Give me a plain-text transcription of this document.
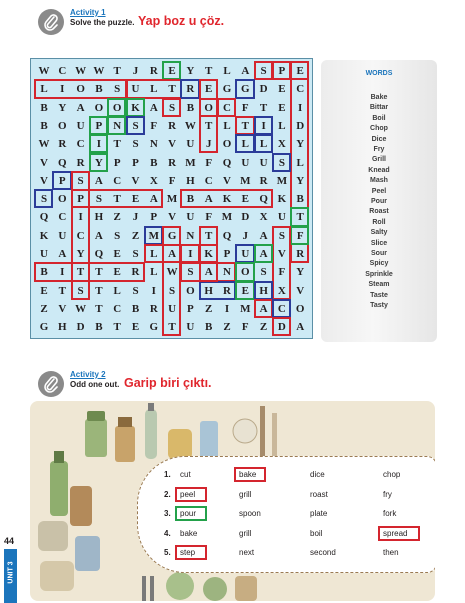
Activity 1
Solve the puzzle. Yap boz u çöz.
W C W W T	J	R E Y T L A	S	P	E
L	I	O B	S	U L T R E G G D E C
B Y A O O K A	S	B O C F	T E	I
B O U P N	S	F R W T L T	I	L D
W R C	I	T	S	N V U	J	O L L X Y
V Q R Y P	P	B R M F Q U U	S	L
V P	S	A C V X F H C V M R M Y
S O P	S	T E A M B A K E Q K B
Q C	I	H Z	J	P V U F M D X U T
K U C A	S	Z M G N T Q	J	A	S	F
U A Y Q E	S	L A	I	K P U A V R
B	I	T T E R L W S	A N O S	F Y
E T	S	T L	S	I	S O H R E H X V
Z V W T C B R U P	Z	I M A C O
G H D B T E G T U B Z	F	Z D A
WORDS
Bake
Bittar
Boil
Chop
Dice
Fry
Grill
Knead
Mash
Peel
Pour
Roast
Roll
Salty
Slice
Sour
Spicy
Sprinkle
Steam
Taste
Tasty
Activity 2
Odd one out. Garip biri çıktı.
1. cut	bake	dice	chop
2. peel	grill	roast	fry
3. pour	spoon	plate	fork
4. bake	grill	boil	spread
5. step	next	second	then
44
UNIT 3
